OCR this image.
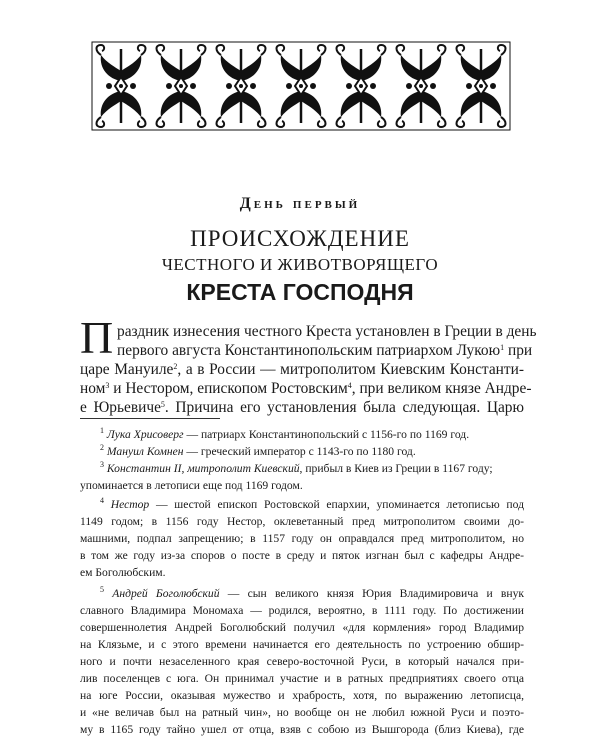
День первый
ПРОИСХОЖДЕНИЕ
ЧЕСТНОГО И ЖИВОТВОРЯЩЕГО
КРЕСТА ГОСПОДНЯ
П раздник изнесения честного Креста установлен в Греции в день
первого августа Константинопольским патриархом Лукою$^1$ при
царе Мануиле$^2$, а в России — митрополитом Киевским Константи-
ном$^3$ и Нестором, епископом Ростовским$^4$, при великом князе Андре-
е Юрьевиче$^5$. Причина его установления была следующая. Царю
$^1$ Лука Хрисоверг — патриарх Константинопольский с 1156-го по 1169 год.
$^2$ Мануил Комнен — греческий император с 1143-го по 1180 год.
$^3$ Константин II, митрополит Киевский, прибыл в Киев из Греции в 1167 году;
упоминается в летописи еще под 1169 годом.
$^4$ Нестор — шестой епископ Ростовской епархии, упоминается летописью под
1149 годом; в 1156 году Нестор, оклеветанный пред митрополитом своими до-
машними, подпал запрещению; в 1157 году он оправдался пред митрополитом, но
в том же году из-за споров о посте в среду и пяток изгнан был с кафедры Андре-
ем Боголюбским.
$^5$ Андрей Боголюбский — сын великого князя Юрия Владимировича и внук
славного Владимира Мономаха — родился, вероятно, в 1111 году. По достижении
совершеннолетия Андрей Боголюбский получил «для кормления» город Владимир
на Клязьме, и с этого времени начинается его деятельность по устроению обшир-
ного и почти незаселенного края северо-восточной Руси, в который начался при-
лив поселенцев с юга. Он принимал участие и в ратных предприятиях своего отца
на юге России, оказывая мужество и храбрость, хотя, по выражению летописца,
и «не величав был на ратный чин», но вообще он не любил южной Руси и поэто-
му в 1165 году тайно ушел от отца, взяв с собою из Вышгорода (близ Киева), где
